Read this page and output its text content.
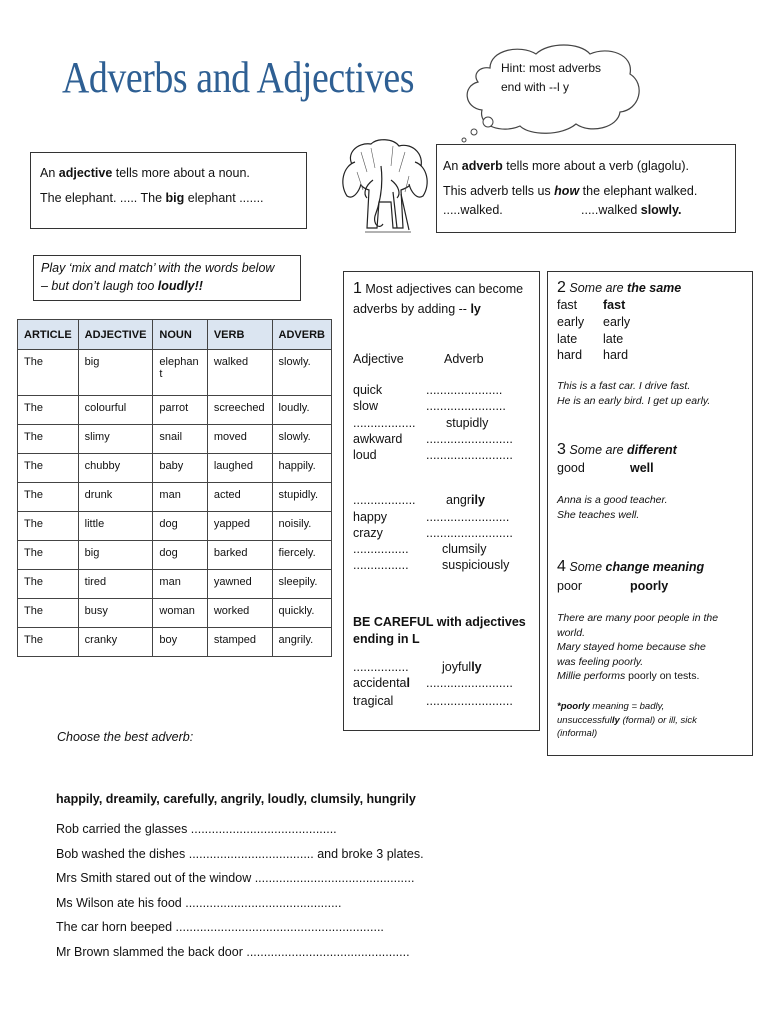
Adverbs and Adjectives	Hint: most adverbs
end with --l y
An adjective tells more about a noun.
The elephant. ..... The big elephant .......
An adverb tells more about a verb (glagolu).
This adverb tells us how the elephant walked.
.....walked.	.....walked slowly.
Play ‘mix and match’ with the words below
– but don’t laugh too loudly!!
ARTICLE	ADJECTIVE	NOUN	VERB	ADVERB
The	big	elephan t	walked	slowly.
The	colourful	parrot	screeched	loudly.
The	slimy	snail	moved	slowly.
The	chubby	baby	laughed	happily.
The	drunk	man	acted	stupidly.
The	little	dog	yapped	noisily.
The	big	dog	barked	fiercely.
The	tired	man	yawned	sleepily.
The	busy	woman	worked	quickly.
The	cranky	boy	stamped	angrily.
1 Most adjectives can become
adverbs by adding -- ly
Adjective	Adverb
.................. angrily
BE CAREFUL with adjectives
ending in L
................	joyfully
accidental .........................
tragical	.........................
quick	......................
slow	.......................
.................. stupidly
awkward .........................
loud	.........................
happy	........................
crazy	.........................
................	clumsily
................	suspiciously
2 Some are the same
This is a fast car. I drive fast.
He is an early bird. I get up early.
3 Some are different
good	well
Anna is a good teacher.
She teaches well.
4 Some change meaning
poor	poorly
There are many poor people in the
world.
Mary stayed home because she
was feeling poorly.
Millie performs poorly on tests.
*poorly meaning = badly,
unsuccessfully (formal) or ill, sick
(informal)
fast fast
early early
late late
hard hard
Choose the best adverb:
happily, dreamily, carefully, angrily, loudly, clumsily, hungrily
Rob carried the glasses ..........................................
Bob washed the dishes .................................... and broke 3 plates.
Mrs Smith stared out of the window ..............................................
Ms Wilson ate his food .............................................
The car horn beeped ............................................................
Mr Brown slammed the back door ...............................................
